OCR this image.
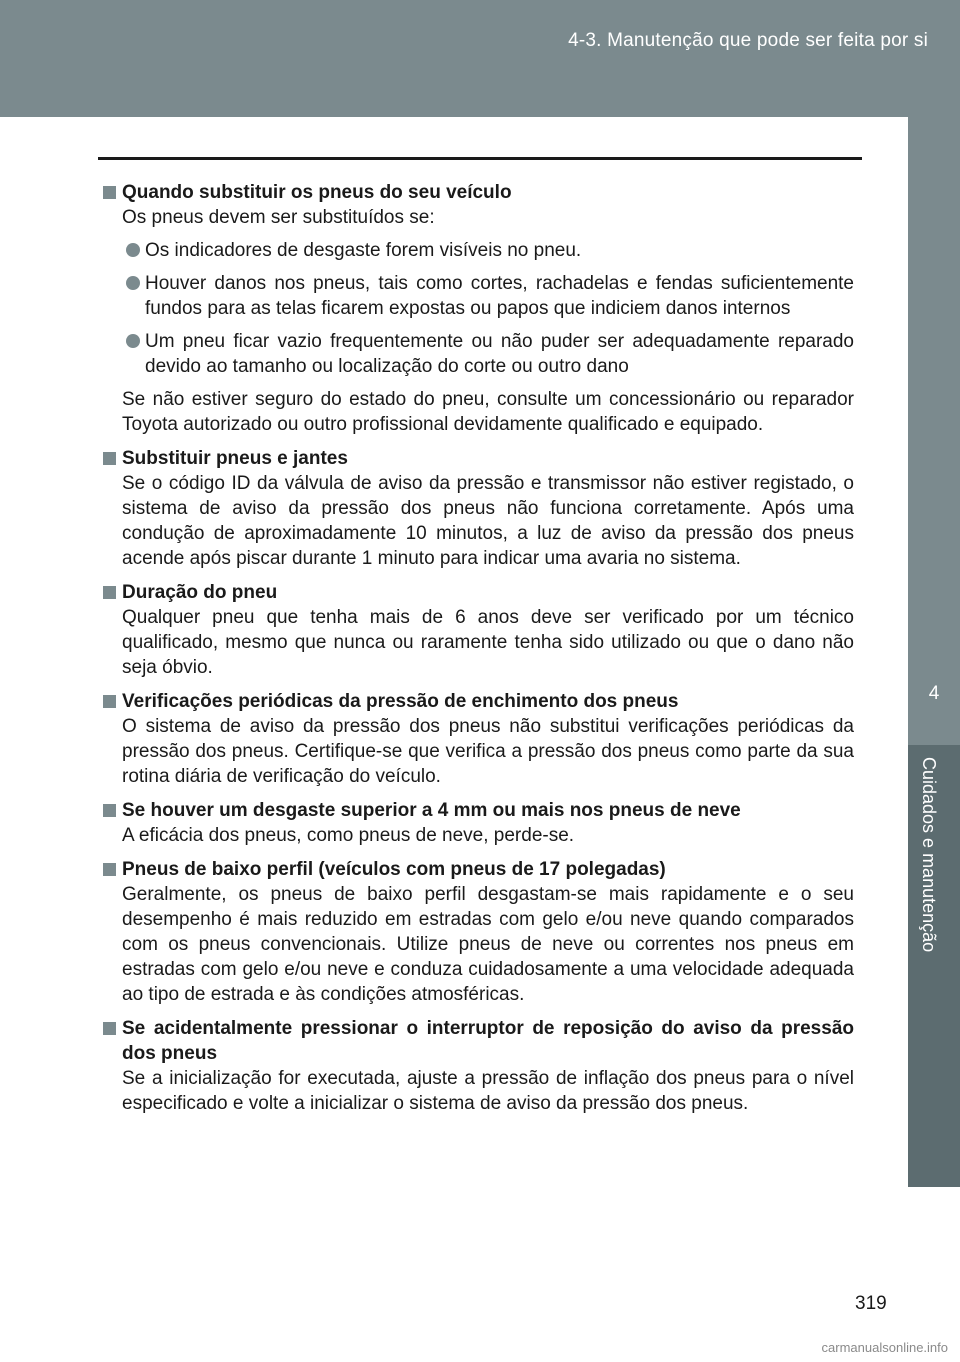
4-3. Manutenção que pode ser feita por si
4
Cuidados e manutenção
Quando substituir os pneus do seu veículo
Os pneus devem ser substituídos se:
Os indicadores de desgaste forem visíveis no pneu.
Houver danos nos pneus, tais como cortes, rachadelas e fendas suficientemente fundos para as telas ficarem expostas ou papos que indiciem danos internos
Um pneu ficar vazio frequentemente ou não puder ser adequadamente reparado devido ao tamanho ou localização do corte ou outro dano
Se não estiver seguro do estado do pneu, consulte um concessionário ou reparador Toyota autorizado ou outro profissional devidamente qualificado e equipado.
Substituir pneus e jantes
Se o código ID da válvula de aviso da pressão e transmissor não estiver registado, o sistema de aviso da pressão dos pneus não funciona corretamente. Após uma condução de aproximadamente 10 minutos, a luz de aviso da pressão dos pneus acende após piscar durante 1 minuto para indicar uma avaria no sistema.
Duração do pneu
Qualquer pneu que tenha mais de 6 anos deve ser verificado por um técnico qualificado, mesmo que nunca ou raramente tenha sido utilizado ou que o dano não seja óbvio.
Verificações periódicas da pressão de enchimento dos pneus
O sistema de aviso da pressão dos pneus não substitui verificações periódicas da pressão dos pneus. Certifique-se que verifica a pressão dos pneus como parte da sua rotina diária de verificação do veículo.
Se houver um desgaste superior a 4 mm ou mais nos pneus de neve
A eficácia dos pneus, como pneus de neve, perde-se.
Pneus de baixo perfil (veículos com pneus de 17 polegadas)
Geralmente, os pneus de baixo perfil desgastam-se mais rapidamente e o seu desempenho é mais reduzido em estradas com gelo e/ou neve quando comparados com os pneus convencionais. Utilize pneus de neve ou correntes nos pneus em estradas com gelo e/ou neve e conduza cuidadosamente a uma velocidade adequada ao tipo de estrada e às condições atmosféricas.
Se acidentalmente pressionar o interruptor de reposição do aviso da pressão dos pneus
Se a inicialização for executada, ajuste a pressão de inflação dos pneus para o nível especificado e volte a inicializar o sistema de aviso da pressão dos pneus.
319
carmanualsonline.info
